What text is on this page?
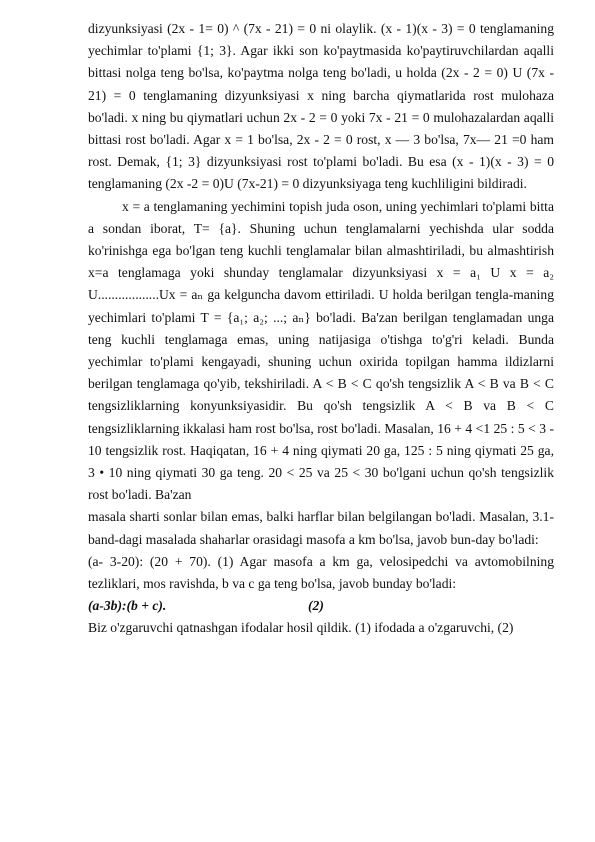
dizyunksiyasi (2x - 1= 0) ^ (7x - 21) = 0 ni olaylik. (x - 1)(x - 3) = 0 tenglamaning yechimlar to'plami {1; 3}. Agar ikki son ko'paytmasida ko'paytiruvchilardan aqalli bittasi nolga teng bo'lsa, ko'paytma nolga teng bo'ladi, u holda (2x - 2 = 0) U (7x - 21) = 0 tenglamaning dizyunksiyasi x ning barcha qiymatlarida rost mulohaza bo'ladi. x ning bu qiymatlari uchun 2x - 2 = 0 yoki 7x - 21 = 0 mulohazalardan aqalli bittasi rost bo'ladi. Agar x = 1 bo'lsa, 2x - 2 = 0 rost, x — 3 bo'lsa, 7x— 21 =0 ham rost. Demak, {1; 3} dizyunksiyasi rost to'plami bo'ladi. Bu esa (x - 1)(x - 3) = 0 tenglamaning (2x -2 = 0)U (7x-21) = 0 dizyunksiyaga teng kuchliligini bildiradi.

x = a tenglamaning yechimini topish juda oson, uning yechimlari to'plami bitta a sondan iborat, T= {a}. Shuning uchun tenglamalarni yechishda ular sodda ko'rinishga ega bo'lgan teng kuchli tenglamalar bilan almashtiriladi, bu almashtirish x=a tenglamaga yoki shunday tenglamalar dizyunksiyasi x = a₁ U x = a₂ U..................Ux = aₙ ga kelguncha davom ettiriladi. U holda berilgan tengla-maning yechimlari to'plami T = {a₁; a₂; ...; aₙ} bo'ladi. Ba'zan berilgan tenglamadan unga teng kuchli tenglamaga emas, uning natijasiga o'tishga to'g'ri keladi. Bunda yechimlar to'plami kengayadi, shuning uchun oxirida topilgan hamma ildizlarni berilgan tenglamaga qo'yib, tekshiriladi. A < B < C qo'sh tengsizlik A < B va B < C tengsizliklarning konyunksiyasidir. Bu qo'sh tengsizlik A < B va B < C tengsizliklarning ikkalasi ham rost bo'lsa, rost bo'ladi. Masalan, 16 + 4 <1 25 : 5 < 3 - 10 tengsizlik rost. Haqiqatan, 16 + 4 ning qiymati 20 ga, 125 : 5 ning qiymati 25 ga, 3 • 10 ning qiymati 30 ga teng. 20 < 25 va 25 < 30 bo'lgani uchun qo'sh tengsizlik rost bo'ladi. Ba'zan

masala sharti sonlar bilan emas, balki harflar bilan belgilangan bo'ladi. Masalan, 3.1-band-dagi masalada shaharlar orasidagi masofa a km bo'lsa, javob bun-day bo'ladi:

(a- 3-20): (20 + 70). (1) Agar masofa a km ga, velosipedchi va avtomobilning tezliklari, mos ravishda, b va c ga teng bo'lsa, javob bunday bo'ladi:

(a-3b):(b + c).	(2)

Biz o'zgaruvchi qatnashgan ifodalar hosil qildik. (1) ifodada a o'zgaruvchi, (2)
